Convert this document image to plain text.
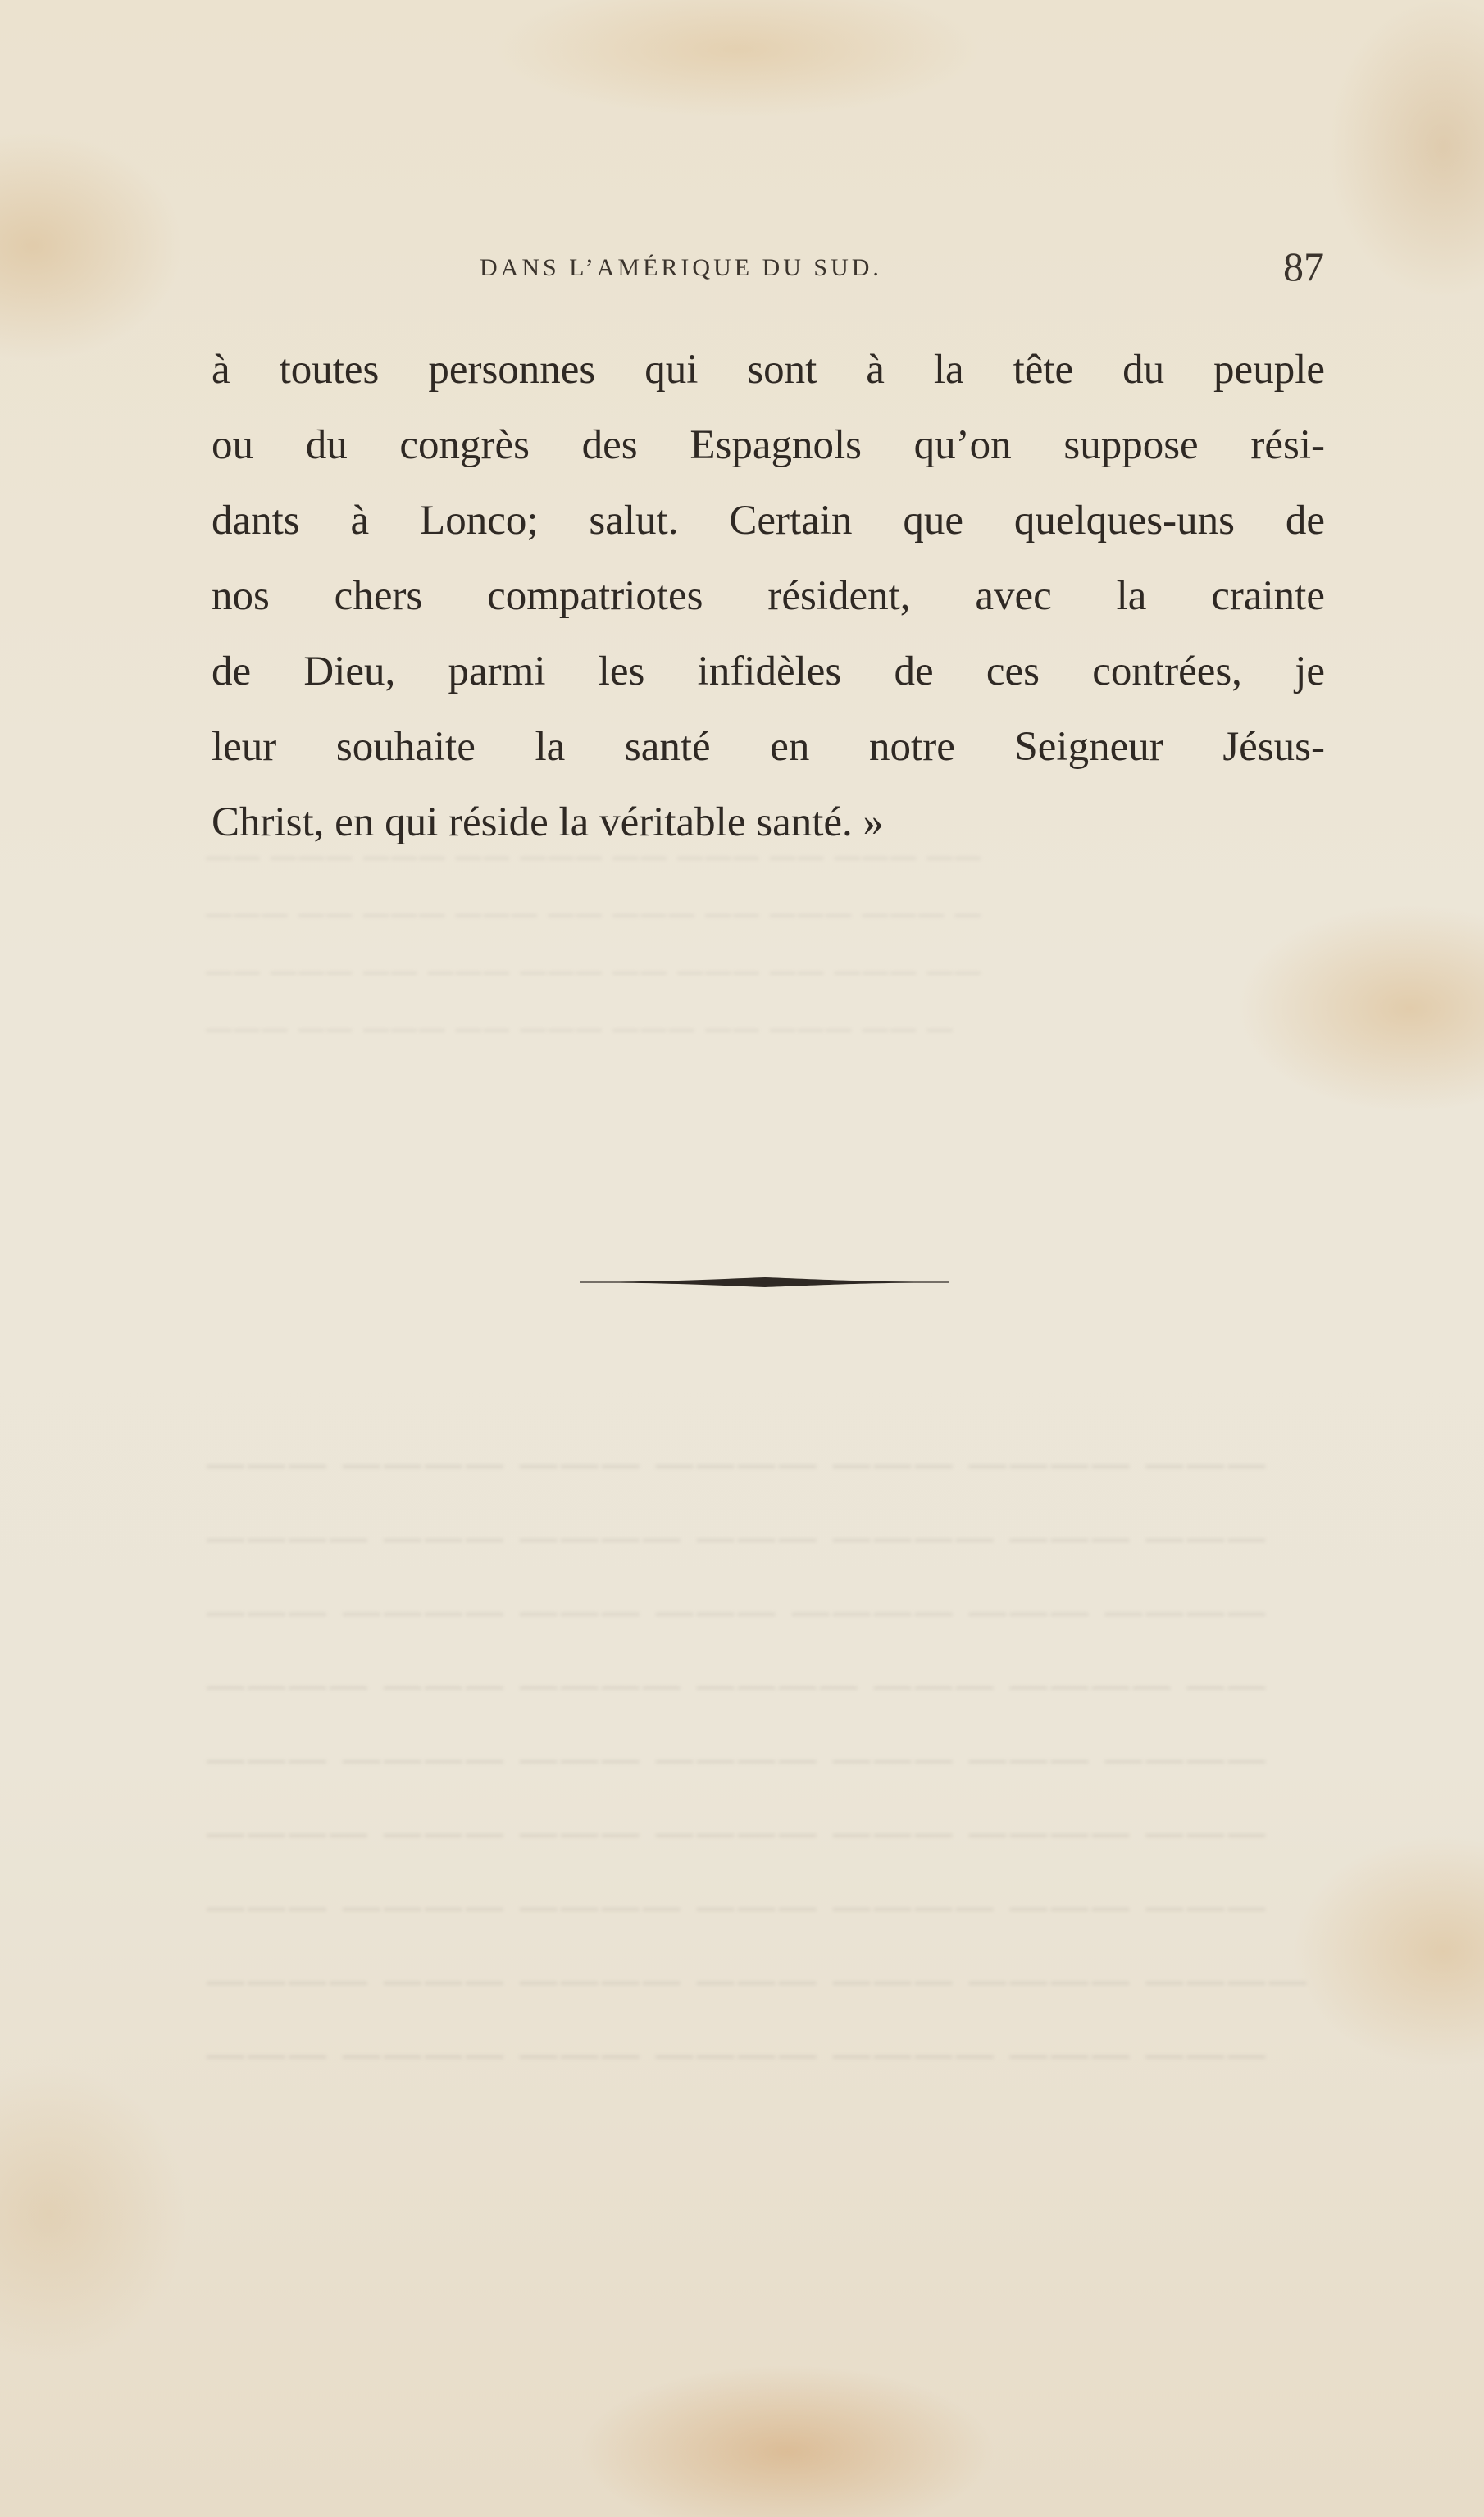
—— ——— ——— —— ——— —— ——— —— ——— ——
——— —— ——— ——— —— ——— —— ——— ——— —
—— ——— —— ——— ——— —— ——— —— ——— ——
——— —— ——— —— ——— ——— —— ——— —— —
——— ———— ——— ———— ——— ———— ———
———— ——— ———— ——— ———— ——— ———
——— ———— ——— ——— ———— ——— ————
———— ——— ———— ———— ——— ———— ——
——— ———— ——— ———— ——— ——— ————
———— ——— ——— ———— ——— ———— ———
——— ———— ———— ——— ———— ——— ———
———— ——— ———— ——— ——— ———— ————
——— ———— ——— ———— ———— ——— ———
DANS L’AMÉRIQUE DU SUD.	87
à toutes personnes qui sont à la tête du peuple
ou du congrès des Espagnols qu’on suppose rési-
dants à Lonco; salut. Certain que quelques-uns de
nos chers compatriotes résident, avec la crainte
de Dieu, parmi les infidèles de ces contrées, je
leur souhaite la santé en notre Seigneur Jésus-
Christ, en qui réside la véritable santé. »
